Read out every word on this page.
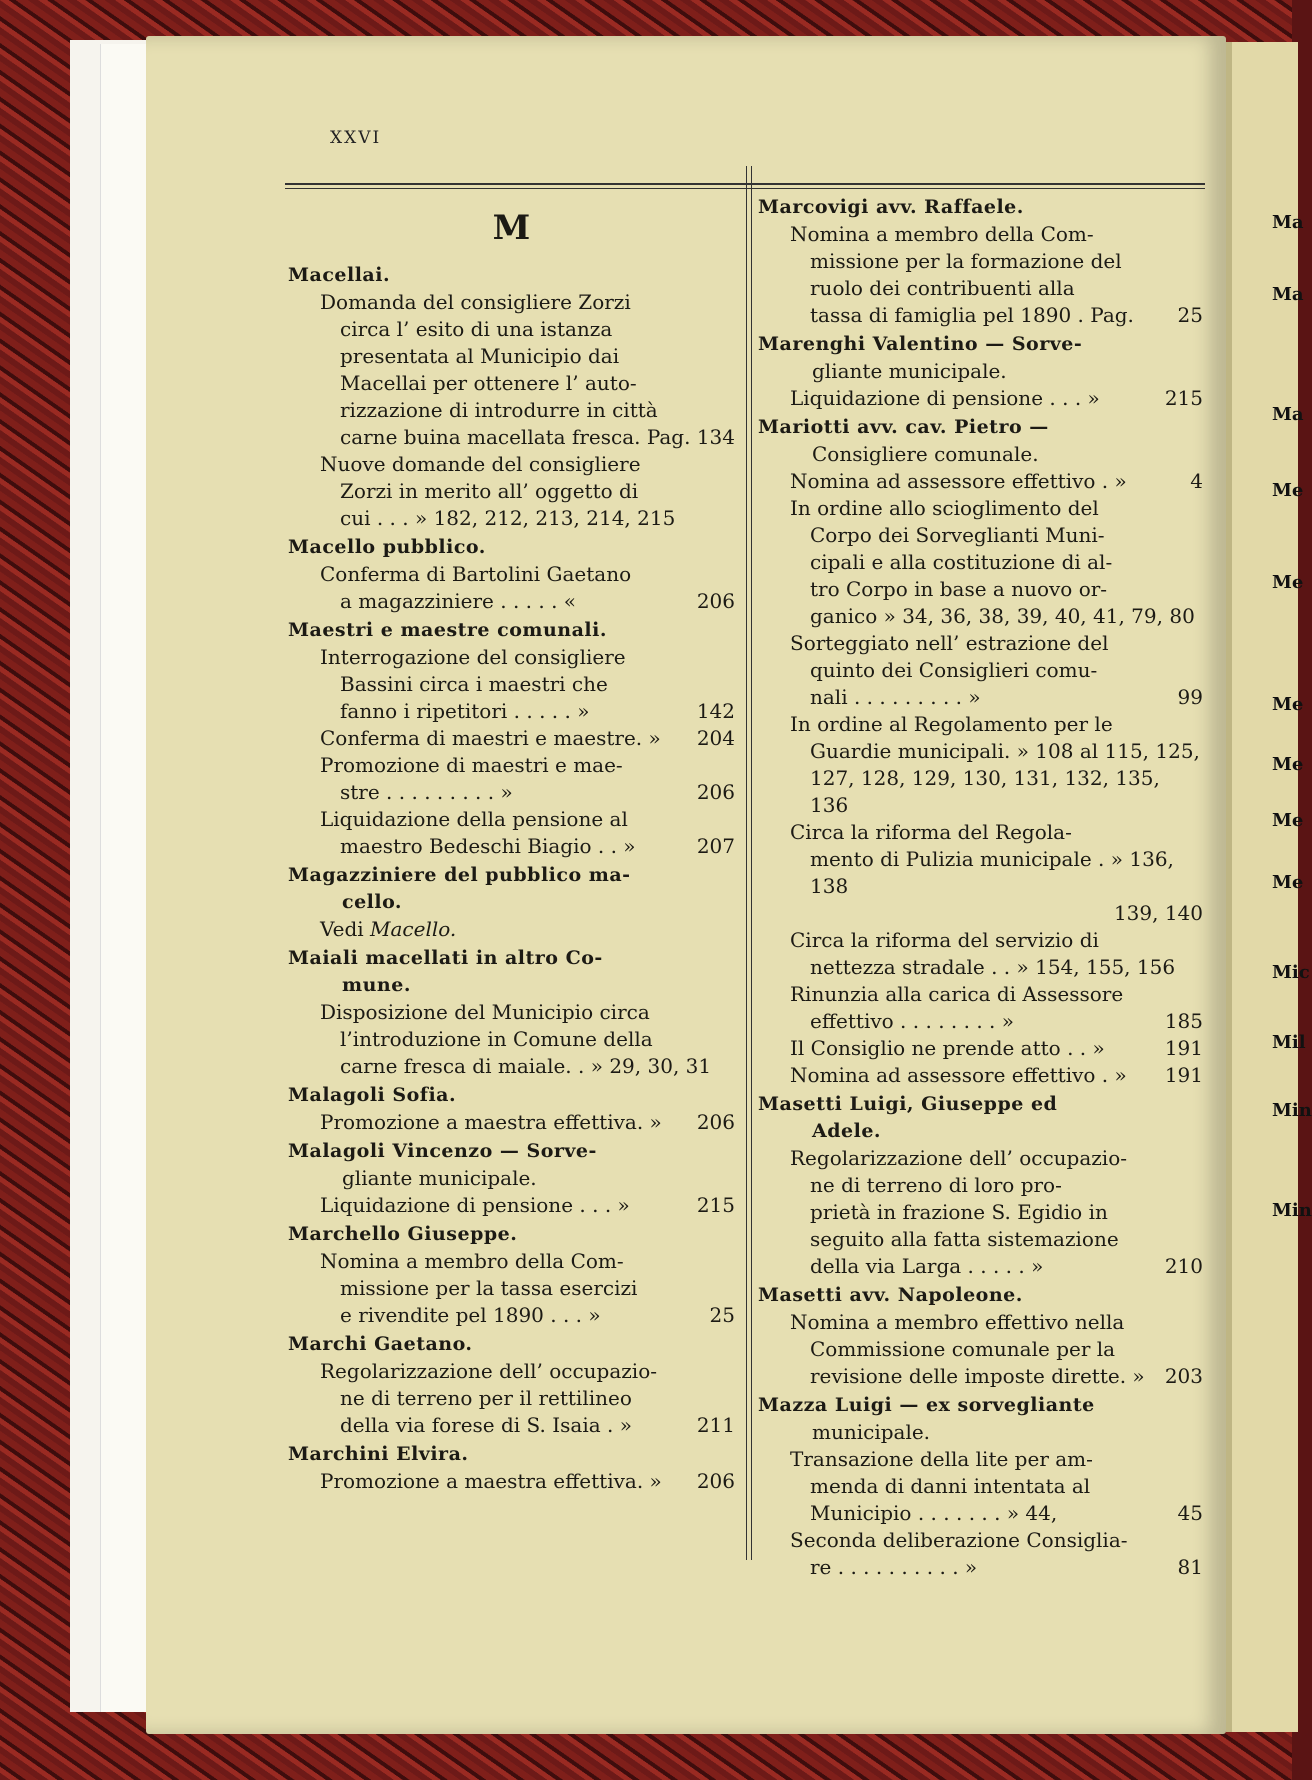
Ma
Ma
Ma
Me
Me
Me
Me
Me
Me
Mic
Mil
Min
Min
XXVI
M
Macellai.
Domanda del consigliere Zorzi
circa l’ esito di una istanza
presentata al Municipio dai
Macellai per ottenere l’ auto-
rizzazione di introdurre in città
carne buina macellata fresca. Pag. 134
Nuove domande del consigliere
Zorzi in merito all’ oggetto di
cui . . . » 182, 212, 213, 214, 215
Macello pubblico.
Conferma di Bartolini Gaetano
a magazziniere . . . . . «	206
Maestri e maestre comunali.
Interrogazione del consigliere
Bassini circa i maestri che
fanno i ripetitori . . . . . »	142
Conferma di maestri e maestre. »	204
Promozione di maestri e mae-
stre . . . . . . . . . »	206
Liquidazione della pensione al
maestro Bedeschi Biagio . . »	207
Magazziniere del pubblico ma-
cello.
Vedi Macello.
Maiali macellati in altro Co-
mune.
Disposizione del Municipio circa
l’introduzione in Comune della
carne fresca di maiale. . » 29, 30, 31
Malagoli Sofia.
Promozione a maestra effettiva. »	206
Malagoli Vincenzo — Sorve-
gliante municipale.
Liquidazione di pensione . . . »	215
Marchello Giuseppe.
Nomina a membro della Com-
missione per la tassa esercizi
e rivendite pel 1890 . . . »	25
Marchi Gaetano.
Regolarizzazione dell’ occupazio-
ne di terreno per il rettilineo
della via forese di S. Isaia . »	211
Marchini Elvira.
Promozione a maestra effettiva. »	206
Marcovigi avv. Raffaele.
Nomina a membro della Com-
missione per la formazione del
ruolo dei contribuenti alla
tassa di famiglia pel 1890 . Pag.	25
Marenghi Valentino — Sorve-
gliante municipale.
Liquidazione di pensione . . . »	215
Mariotti avv. cav. Pietro —
Consigliere comunale.
Nomina ad assessore effettivo . »	4
In ordine allo scioglimento del
Corpo dei Sorveglianti Muni-
cipali e alla costituzione di al-
tro Corpo in base a nuovo or-
ganico » 34, 36, 38, 39, 40, 41, 79, 80
Sorteggiato nell’ estrazione del
quinto dei Consiglieri comu-
nali . . . . . . . . . »	99
In ordine al Regolamento per le
Guardie municipali. » 108 al 115, 125,
127, 128, 129, 130, 131, 132, 135, 136
Circa la riforma del Regola-
mento di Pulizia municipale . » 136, 138
139, 140
Circa la riforma del servizio di
nettezza stradale . . » 154, 155, 156
Rinunzia alla carica di Assessore
effettivo . . . . . . . . »	185
Il Consiglio ne prende atto . . »	191
Nomina ad assessore effettivo . »	191
Masetti Luigi, Giuseppe ed
Adele.
Regolarizzazione dell’ occupazio-
ne di terreno di loro pro-
prietà in frazione S. Egidio in
seguito alla fatta sistemazione
della via Larga . . . . . »	210
Masetti avv. Napoleone.
Nomina a membro effettivo nella
Commissione comunale per la
revisione delle imposte dirette. »	203
Mazza Luigi — ex sorvegliante
municipale.
Transazione della lite per am-
menda di danni intentata al
Municipio . . . . . . . » 44,	45
Seconda deliberazione Consiglia-
re . . . . . . . . . . »	81
